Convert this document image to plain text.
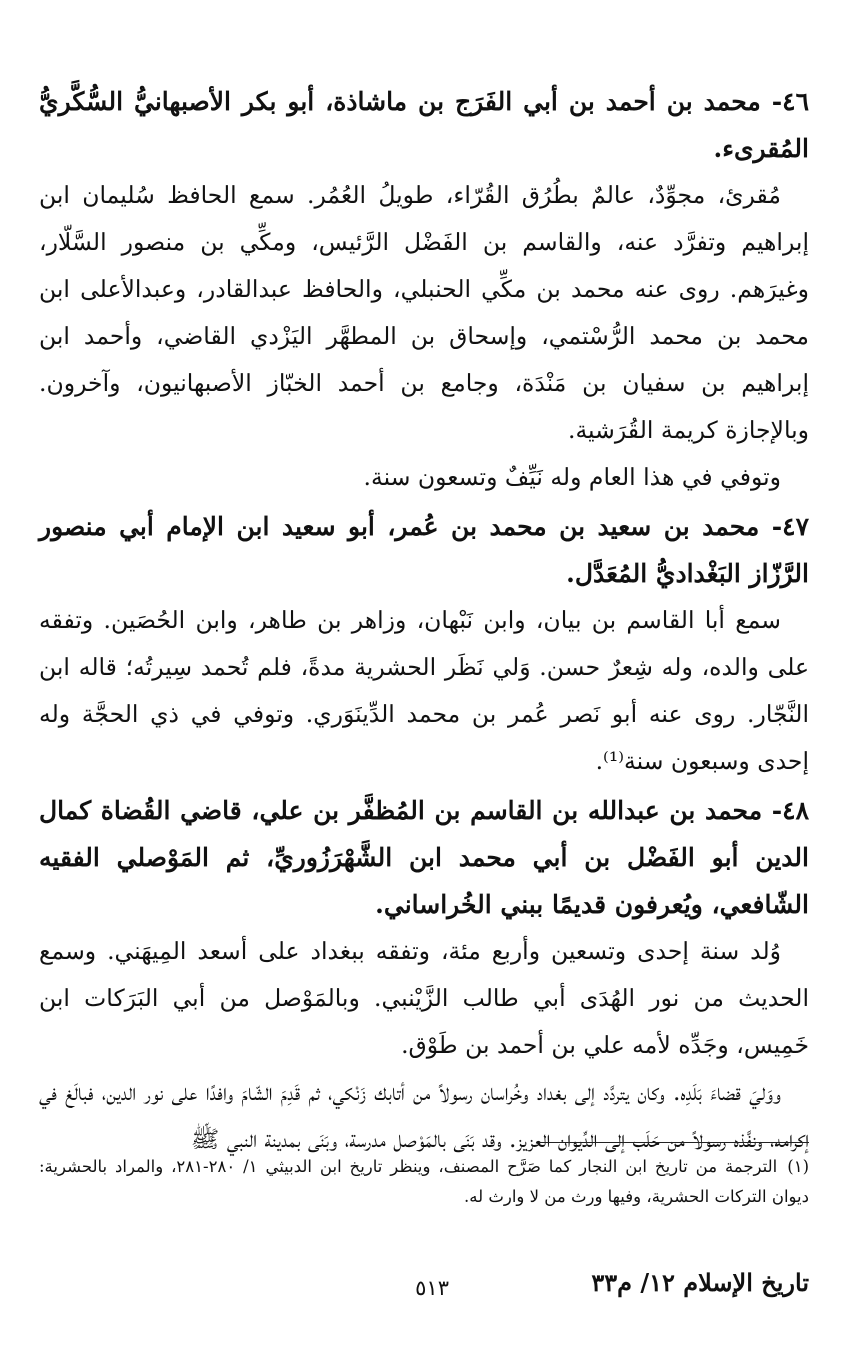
٤٦- محمد بن أحمد بن أبي الفَرَج بن ماشاذة، أبو بكر الأصبهانيُّ السُّكَّريُّ المُقرىء.

مُقرئ، مجوِّدٌ، عالمٌ بطُرُق القُرّاء، طويلُ العُمُر. سمع الحافظ سُليمان ابن إبراهيم وتفرَّد عنه، والقاسم بن الفَضْل الرَّئيس، ومكِّي بن منصور السَّلّار، وغيرَهم. روى عنه محمد بن مكِّي الحنبلي، والحافظ عبدالقادر، وعبدالأعلى ابن محمد بن محمد الرُّسْتمي، وإسحاق بن المطهَّر اليَزْدي القاضي، وأحمد ابن إبراهيم بن سفيان بن مَنْدَة، وجامع بن أحمد الخبّاز الأصبهانيون، وآخرون. وبالإجازة كريمة القُرَشية.

وتوفي في هذا العام وله نَيِّفٌ وتسعون سنة.

٤٧- محمد بن سعيد بن محمد بن عُمر، أبو سعيد ابن الإمام أبي منصور الرَّزّاز البَغْداديُّ المُعَدَّل.

سمع أبا القاسم بن بيان، وابن نَبْهان، وزاهر بن طاهر، وابن الحُصَين. وتفقه على والده، وله شِعرٌ حسن. وَلي نَظَر الحشرية مدةً، فلم تُحمد سِيرتُه؛ قاله ابن النَّجّار. روى عنه أبو نَصر عُمر بن محمد الدِّينَوَري. وتوفي في ذي الحجَّة وله إحدى وسبعون سنة⁽¹⁾.

٤٨- محمد بن عبدالله بن القاسم بن المُظفَّر بن علي، قاضي القُضاة كمال الدين أبو الفَضْل بن أبي محمد ابن الشَّهْرَزُوريِّ، ثم المَوْصلي الفقيه الشّافعي، ويُعرفون قديمًا ببني الخُراساني.

وُلد سنة إحدى وتسعين وأربع مئة، وتفقه ببغداد على أسعد المِيهَني. وسمع الحديث من نور الهُدَى أبي طالب الزَّيْنبي. وبالمَوْصل من أبي البَرَكات ابن خَمِيس، وجَدِّه لأمه علي بن أحمد بن طَوْق.

ووَليَ قضاءَ بَلَدِه. وكان يتردَّد إلى بغداد وخُراسان رسولاً من أتابك زَنْكي، ثم قَدِمَ الشّامَ وافدًا على نور الدين، فبالَغ في إكرامه، ونفَّذه رسولاً من حَلَب إلى الدِّيوان العزيز. وقد بَنَى بالمَوْصل مدرسة، وبَنَى بمدينة النبي ﷺ

(١)الترجمة من تاريخ ابن النجار كما صَرَّح المصنف، وينظر تاريخ ابن الدبيثي ١/ ٢٨٠-٢٨١، والمراد بالحشرية: ديوان التركات الحشرية، وفيها ورث من لا وارث له.
تاريخ الإسلام ١٢/ م٣٣
٥١٣
